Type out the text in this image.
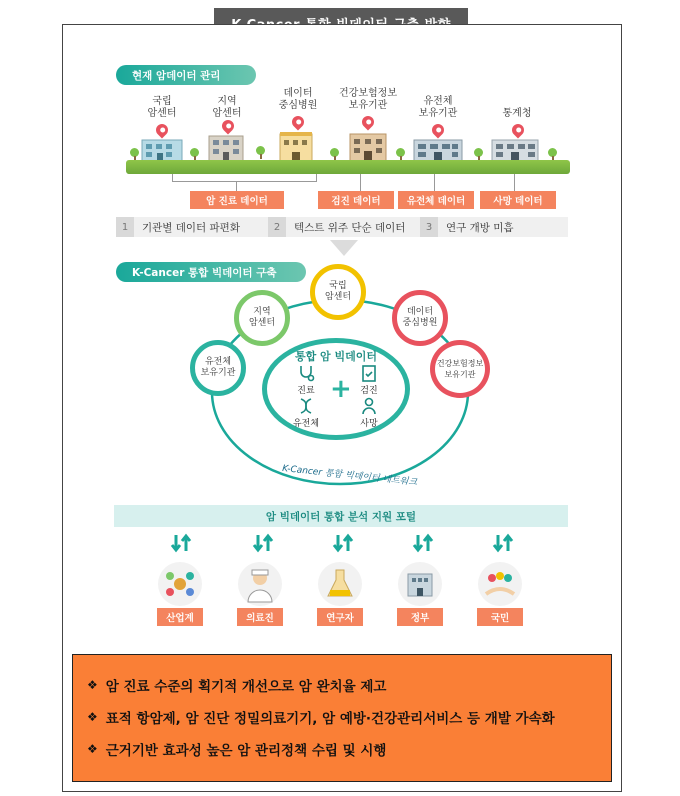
현재 암데이터 관리
국립
암센터
지역
암센터
데이터
중심병원
건강보험정보
보유기관	유전체
보유기관	통계청
암 진료 데이터	검진 데이터	유전체 데이터	사망 데이터
1	기관별 데이터 파편화	2	텍스트 위주 단순 데이터	3	연구 개방 미흡
K-Cancer 통합 빅데이터 구축
통합 암 빅데이터
진료	검진
유전체	사망
+
국립
암센터
지역
암센터
데이터
중심병원
유전체
보유기관
건강보험정보
보유기관
K-Cancer 통합 빅데이터 네트워크
암 빅데이터 통합 분석 지원 포털
산업계	의료진	연구자	정부	국민
❖ 암 진료 수준의 획기적 개선으로 암 완치율 제고
❖ 표적 항암제, 암 진단 정밀의료기기, 암 예방·건강관리서비스 등 개발 가속화
❖ 근거기반 효과성 높은 암 관리정책 수립 및 시행
